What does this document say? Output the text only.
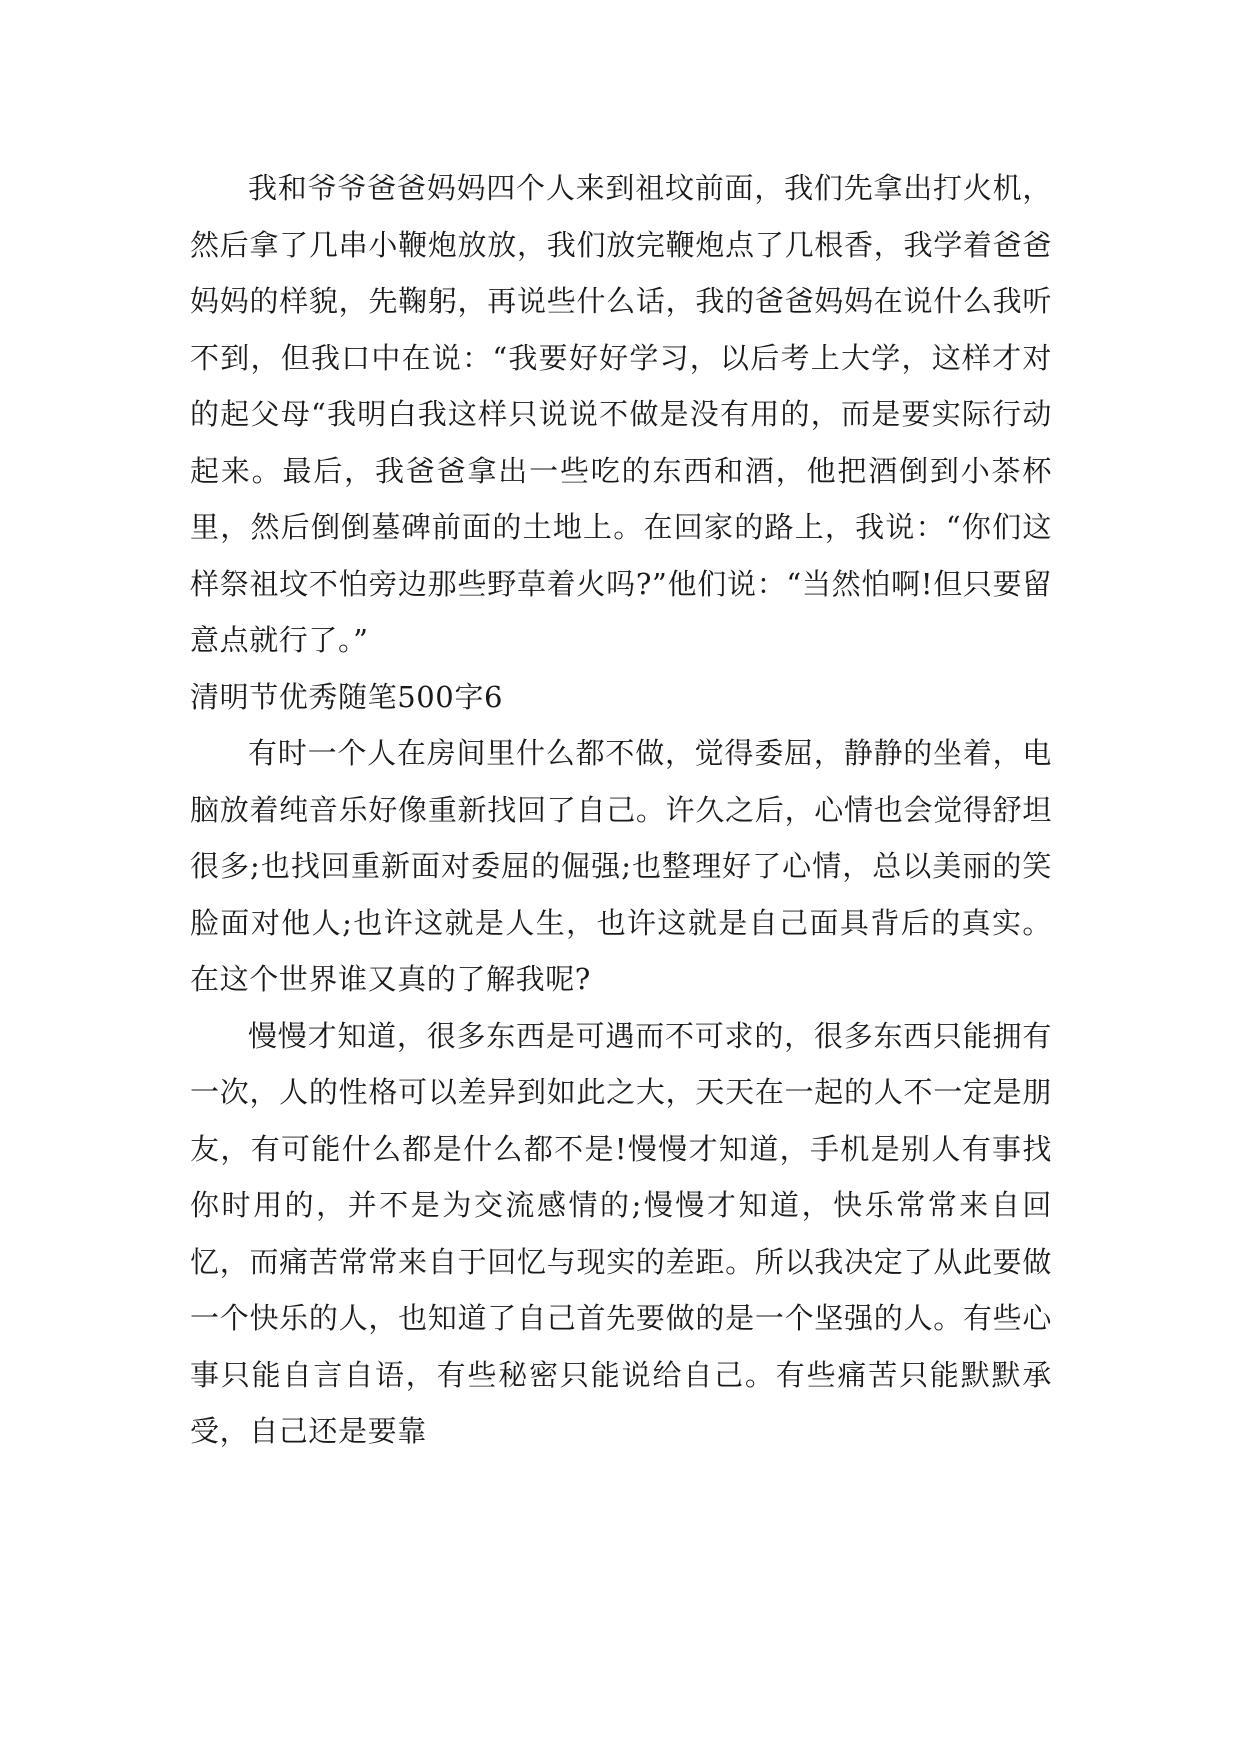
我和爷爷爸爸妈妈四个人来到祖坟前面，我们先拿出打火机，然后拿了几串小鞭炮放放，我们放完鞭炮点了几根香，我学着爸爸妈妈的样貌，先鞠躬，再说些什么话，我的爸爸妈妈在说什么我听不到，但我口中在说：“我要好好学习，以后考上大学，这样才对的起父母“我明白我这样只说说不做是没有用的，而是要实际行动起来。最后，我爸爸拿出一些吃的东西和酒，他把酒倒到小茶杯里，然后倒倒墓碑前面的土地上。在回家的路上，我说：“你们这样祭祖坟不怕旁边那些野草着火吗?”他们说：“当然怕啊!但只要留意点就行了。”

清明节优秀随笔500字6

有时一个人在房间里什么都不做，觉得委屈，静静的坐着，电脑放着纯音乐好像重新找回了自己。许久之后，心情也会觉得舒坦很多;也找回重新面对委屈的倔强;也整理好了心情，总以美丽的笑脸面对他人;也许这就是人生，也许这就是自己面具背后的真实。在这个世界谁又真的了解我呢?

慢慢才知道，很多东西是可遇而不可求的，很多东西只能拥有一次，人的性格可以差异到如此之大，天天在一起的人不一定是朋友，有可能什么都是什么都不是!慢慢才知道，手机是别人有事找你时用的，并不是为交流感情的;慢慢才知道，快乐常常来自回忆，而痛苦常常来自于回忆与现实的差距。所以我决定了从此要做一个快乐的人，也知道了自己首先要做的是一个坚强的人。有些心事只能自言自语，有些秘密只能说给自己。有些痛苦只能默默承受，自己还是要靠
